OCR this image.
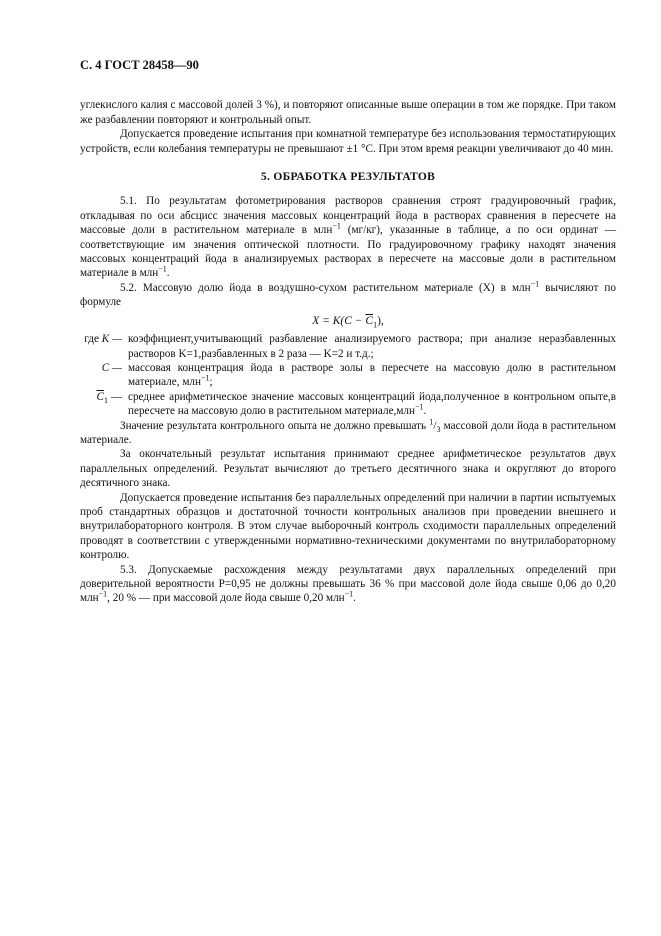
С. 4 ГОСТ 28458—90

углекислого калия с массовой долей 3 %), и повторяют описанные выше операции в том же порядке. При таком же разбавлении повторяют и контрольный опыт.

Допускается проведение испытания при комнатной температуре без использования термостатирующих устройств, если колебания температуры не превышают ±1 °С. При этом время реакции увеличивают до 40 мин.

5. ОБРАБОТКА РЕЗУЛЬТАТОВ

5.1. По результатам фотометрирования растворов сравнения строят градуировочный график, откладывая по оси абсцисс значения массовых концентраций йода в растворах сравнения в пересчете на массовые доли в растительном материале в млн$^{-1}$ (мг/кг), указанные в таблице, а по оси ординат — соответствующие им значения оптической плотности. По градуировочному графику находят значения массовых концентраций йода в анализируемых растворах в пересчете на массовые доли в растительном материале в млн$^{-1}$.

5.2. Массовую долю йода в воздушно-сухом растительном материале (X) в млн$^{-1}$ вычисляют по формуле

$X = K(C - \overline{C}_1)$,
где K — коэффициент,учитывающий разбавление анализируемого раствора; при анализе неразбавленных растворов K=1,разбавленных в 2 раза — K=2 и т.д.;
C — массовая концентрация йода в растворе золы в пересчете на массовую долю в растительном материале, млн$^{-1}$;
$\overline{C}_1$ — среднее арифметическое значение массовых концентраций йода,полученное в контрольном опыте,в пересчете на массовую долю в растительном материале,млн$^{-1}$.

Значение результата контрольного опыта не должно превышать $^1/_3$ массовой доли йода в растительном материале.

За окончательный результат испытания принимают среднее арифметическое результатов двух параллельных определений. Результат вычисляют до третьего десятичного знака и округляют до второго десятичного знака.

Допускается проведение испытания без параллельных определений при наличии в партии испытуемых проб стандартных образцов и достаточной точности контрольных анализов при проведении внешнего и внутрилабораторного контроля. В этом случае выборочный контроль сходимости параллельных определений проводят в соответствии с утвержденными нормативно-техническими документами по внутрилабораторному контролю.

5.3. Допускаемые расхождения между результатами двух параллельных определений при доверительной вероятности P=0,95 не должны превышать 36 % при массовой доле йода свыше 0,06 до 0,20 млн$^{-1}$, 20 % — при массовой доле йода свыше 0,20 млн$^{-1}$.
